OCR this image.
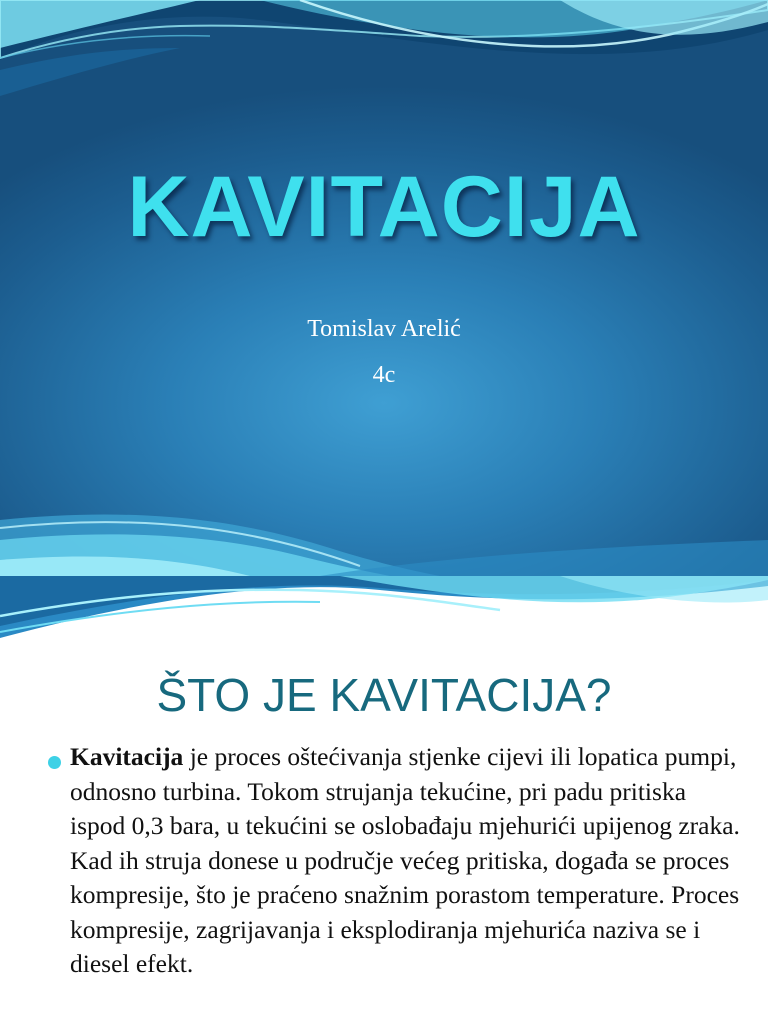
KAVITACIJA
Tomislav Arelić
4c
ŠTO JE KAVITACIJA?
Kavitacija je proces oštećivanja stjenke cijevi ili lopatica pumpi, odnosno turbina. Tokom strujanja tekućine, pri padu pritiska ispod 0,3 bara, u tekućini se oslobađaju mjehurići upijenog zraka. Kad ih struja donese u područje većeg pritiska, događa se proces kompresije, što je praćeno snažnim porastom temperature. Proces kompresije, zagrijavanja i eksplodiranja mjehurića naziva se i diesel efekt.
